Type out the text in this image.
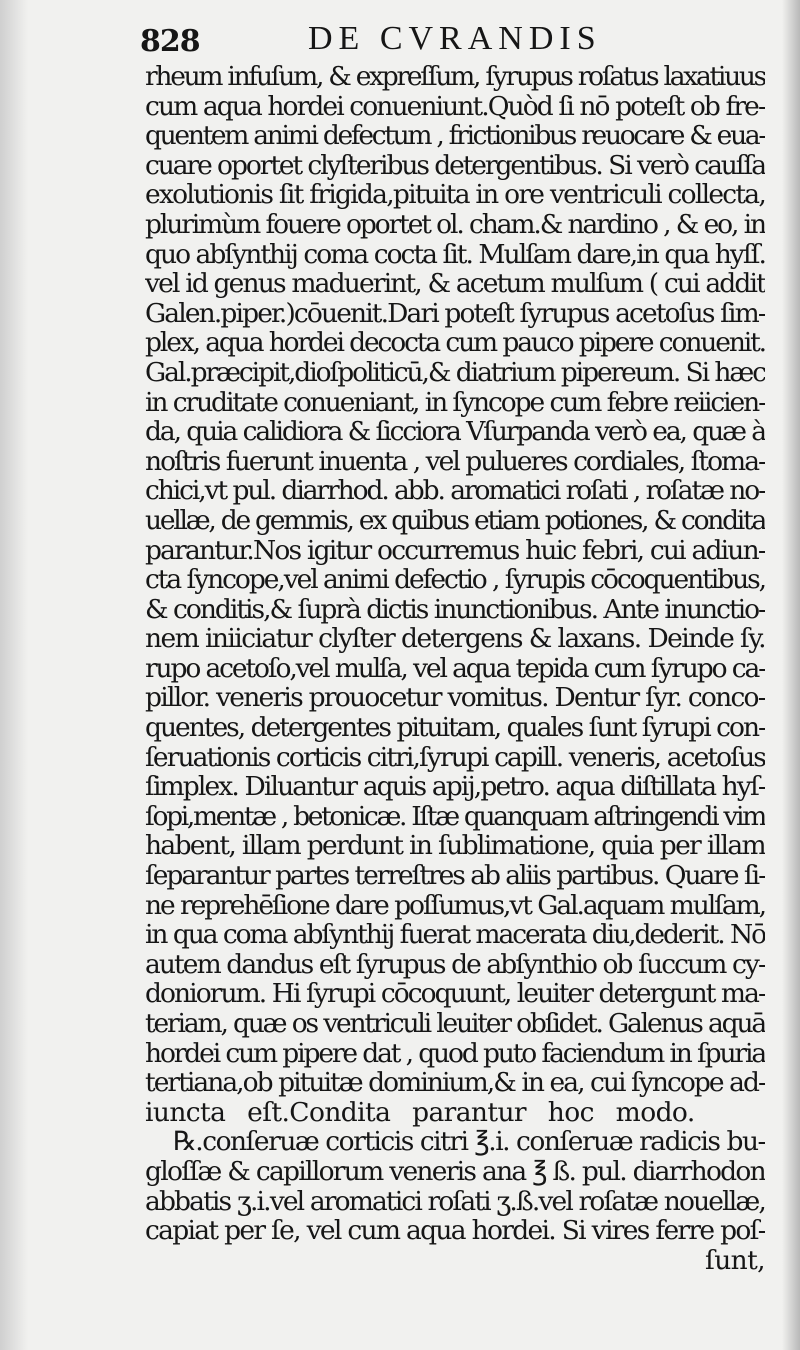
828	DE CVRANDIS
rheum infuſum, & expreſſum, ſyrupus roſatus laxatiuus
cum aqua hordei conueniunt.Quòd ſi nō poteſt ob fre-
quentem animi defectum , frictionibus reuocare & eua-
cuare oportet clyſteribus detergentibus. Si verò cauſſa
exolutionis ſit frigida,pituita in ore ventriculi collecta,
plurimùm fouere oportet ol. cham.& nardino , & eo, in
quo abſynthij coma cocta ſit. Mulſam dare,in qua hyſſ.
vel id genus maduerint, & acetum mulſum ( cui addit
Galen.piper.)cōuenit.Dari poteſt ſyrupus acetoſus ſim-
plex, aqua hordei decocta cum pauco pipere conuenit.
Gal.præcipit,dioſpoliticū,& diatrium pipereum. Si hæc
in cruditate conueniant, in ſyncope cum febre reiicien-
da, quia calidiora & ſicciora Vſurpanda verò ea, quæ à
noſtris fuerunt inuenta , vel pulueres cordiales, ſtoma-
chici,vt pul. diarrhod. abb. aromatici roſati , roſatæ no-
uellæ, de gemmis, ex quibus etiam potiones, & condita
parantur.Nos igitur occurremus huic febri, cui adiun-
cta ſyncope,vel animi defectio , ſyrupis cōcoquentibus,
& conditis,& ſuprà dictis inunctionibus. Ante inunctio-
nem iniiciatur clyſter detergens & laxans. Deinde ſy.
rupo acetoſo,vel mulſa, vel aqua tepida cum ſyrupo ca-
pillor. veneris prouocetur vomitus. Dentur ſyr. conco-
quentes, detergentes pituitam, quales ſunt ſyrupi con-
ſeruationis corticis citri,ſyrupi capill. veneris, acetoſus
ſimplex. Diluantur aquis apij,petro. aqua diſtillata hyſ-
ſopi,mentæ , betonicæ. Iſtæ quanquam aſtringendi vim
habent, illam perdunt in ſublimatione, quia per illam
ſeparantur partes terreſtres ab aliis partibus. Quare ſi-
ne reprehēſione dare poſſumus,vt Gal.aquam mulſam,
in qua coma abſynthij fuerat macerata diu,dederit. Nō
autem dandus eſt ſyrupus de abſynthio ob ſuccum cy-
doniorum. Hi ſyrupi cōcoquunt, leuiter detergunt ma-
teriam, quæ os ventriculi leuiter obſidet. Galenus aquā
hordei cum pipere dat , quod puto faciendum in ſpuria
tertiana,ob pituitæ dominium,& in ea, cui ſyncope ad-
iuncta eſt.Condita parantur hoc modo.
℞.conſeruæ corticis citri ℥.i. conſeruæ radicis bu-
gloſſæ & capillorum veneris ana ℥ ß. pul. diarrhodon
abbatis ʒ.i.vel aromatici roſati ʒ.ß.vel roſatæ nouellæ,
capiat per ſe, vel cum aqua hordei. Si vires ferre poſ-
ſunt,
